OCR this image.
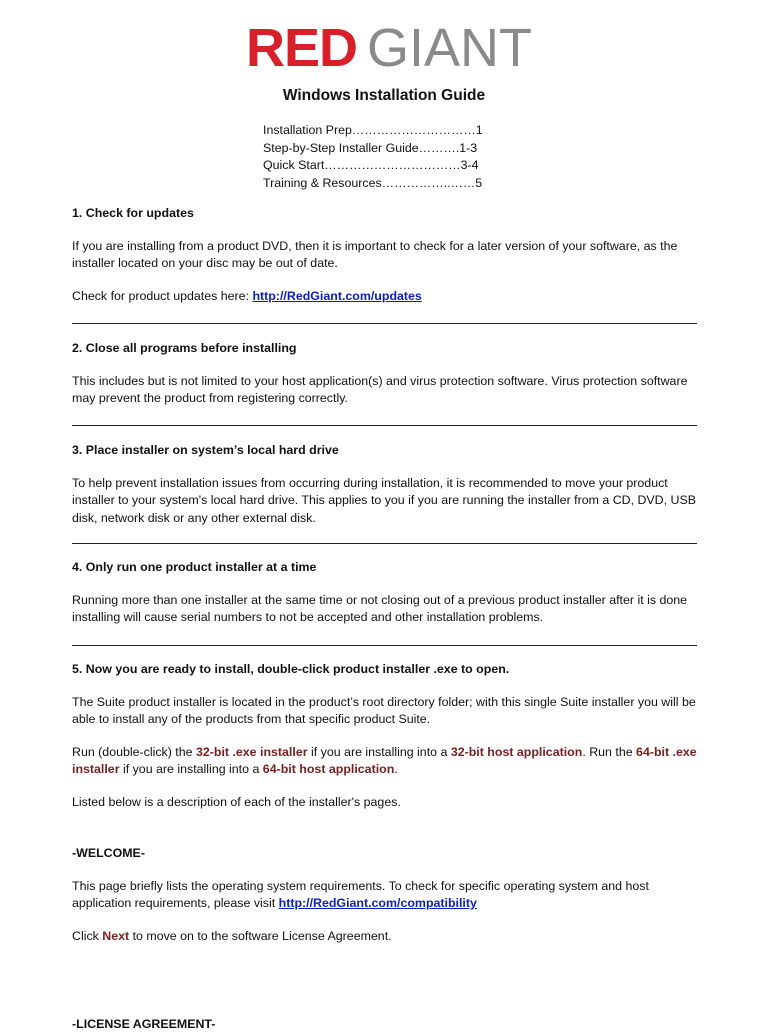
RED GIANT
Windows Installation Guide
Installation Prep…………………………1
Step-by-Step Installer Guide……….1-3
Quick Start……………………………3-4
Training & Resources……………..……5

1. Check for updates

If you are installing from a product DVD, then it is important to check for a later version of your software, as the installer located on your disc may be out of date.

Check for product updates here: http://RedGiant.com/updates

2. Close all programs before installing

This includes but is not limited to your host application(s) and virus protection software. Virus protection software may prevent the product from registering correctly.

3. Place installer on system’s local hard drive

To help prevent installation issues from occurring during installation, it is recommended to move your product installer to your system's local hard drive. This applies to you if you are running the installer from a CD, DVD, USB disk, network disk or any other external disk.

4. Only run one product installer at a time

Running more than one installer at the same time or not closing out of a previous product installer after it is done installing will cause serial numbers to not be accepted and other installation problems.

5. Now you are ready to install, double-click product installer .exe to open.

The Suite product installer is located in the product’s root directory folder; with this single Suite installer you will be able to install any of the products from that specific product Suite.

Run (double-click) the 32-bit .exe installer if you are installing into a 32-bit host application. Run the 64-bit .exe installer if you are installing into a 64-bit host application.

Listed below is a description of each of the installer's pages.

-WELCOME-

This page briefly lists the operating system requirements. To check for specific operating system and host application requirements, please visit http://RedGiant.com/compatibility

Click Next to move on to the software License Agreement.

-LICENSE AGREEMENT-
